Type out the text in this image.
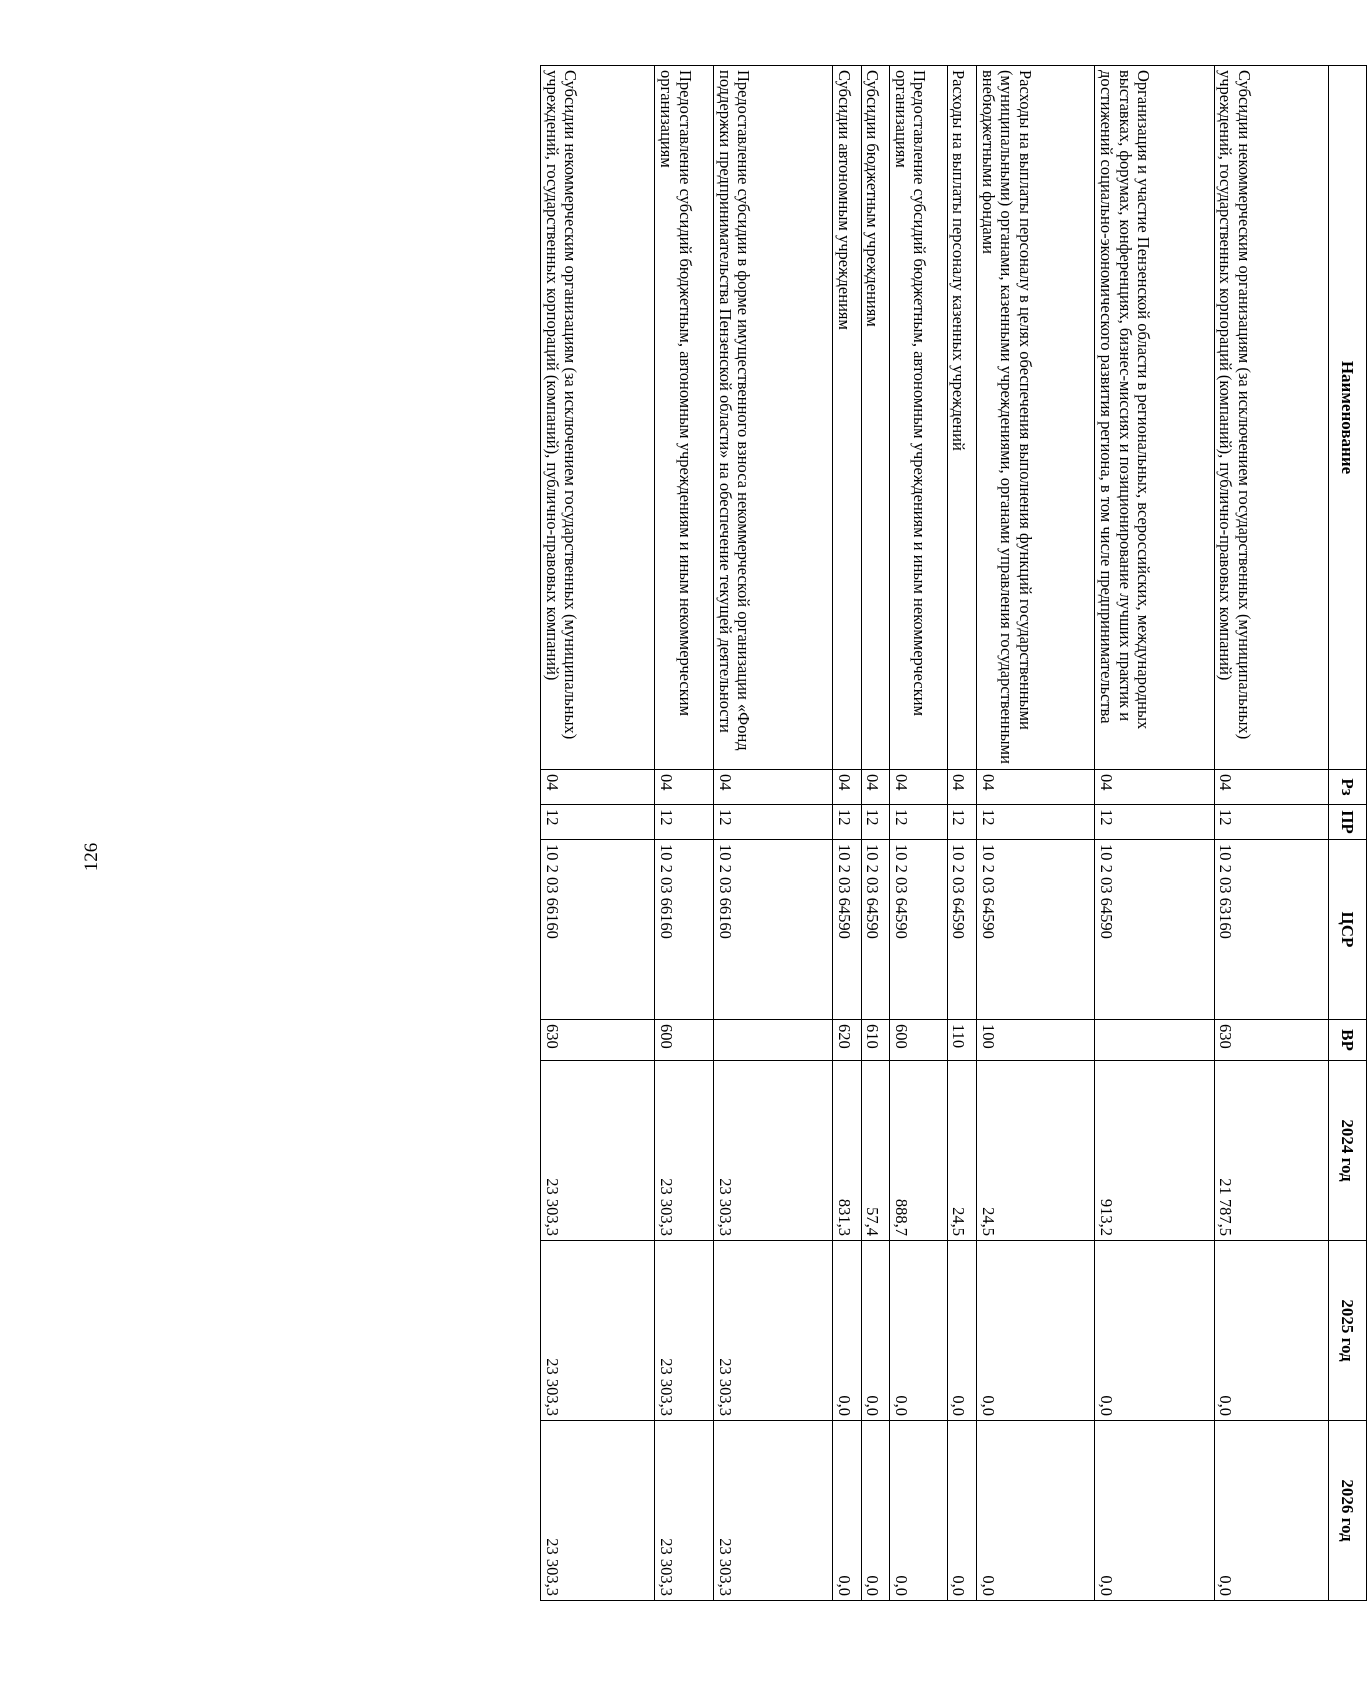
126
Наименование	Рз	ПР	ЦСР	ВР	2024 год	2025 год	2026 год
Субсидии некоммерческим организациям (за исключением государственных (муниципальных) учреждений, государственных корпораций (компаний), публично-правовых компаний)	04	12	10 2 03 63160	630	21 787,5	0,0	0,0
Организация и участие Пензенской области в региональных, всероссийских, международных выставках, форумах, конференциях, бизнес-миссиях и позиционирование лучших практик и достижений социально-экономического развития региона, в том числе предпринимательства	04	12	10 2 03 64590		913,2	0,0	0,0
Расходы на выплаты персоналу в целях обеспечения выполнения функций государственными (муниципальными) органами, казенными учреждениями, органами управления государственными внебюджетными фондами	04	12	10 2 03 64590	100	24,5	0,0	0,0
Расходы на выплаты персоналу казенных учреждений	04	12	10 2 03 64590	110	24,5	0,0	0,0
Предоставление субсидий бюджетным, автономным учреждениям и иным некоммерческим организациям	04	12	10 2 03 64590	600	888,7	0,0	0,0
Субсидии бюджетным учреждениям	04	12	10 2 03 64590	610	57,4	0,0	0,0
Субсидии автономным учреждениям	04	12	10 2 03 64590	620	831,3	0,0	0,0
Предоставление субсидии в форме имущественного взноса некоммерческой организации «Фонд поддержки предпринимательства Пензенской области» на обеспечение текущей деятельности	04	12	10 2 03 66160		23 303,3	23 303,3	23 303,3
Предоставление субсидий бюджетным, автономным учреждениям и иным некоммерческим организациям	04	12	10 2 03 66160	600	23 303,3	23 303,3	23 303,3
Субсидии некоммерческим организациям (за исключением государственных (муниципальных) учреждений, государственных корпораций (компаний), публично-правовых компаний)	04	12	10 2 03 66160	630	23 303,3	23 303,3	23 303,3
